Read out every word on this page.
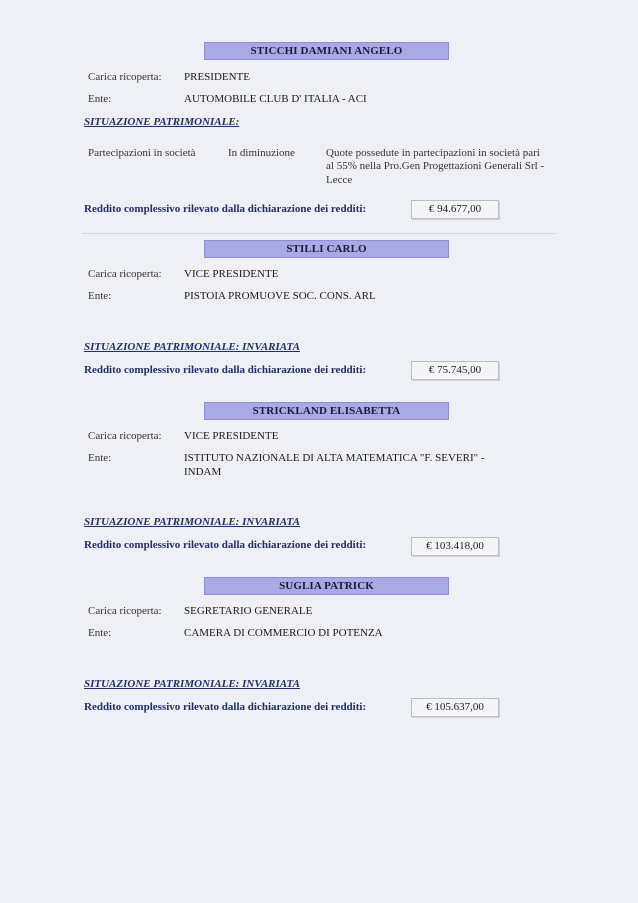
STICCHI DAMIANI ANGELO
Carica ricoperta: PRESIDENTE
Ente:	AUTOMOBILE CLUB D' ITALIA - ACI
SITUAZIONE PATRIMONIALE:
Partecipazioni in società	In diminuzione	Quote possedute in partecipazioni in società pari
al 55% nella Pro.Gen Progettazioni Generali Srl -
Lecce
Reddito complessivo rilevato dalla dichiarazione dei redditi:	€ 94.677,00
STILLI CARLO
Carica ricoperta: VICE PRESIDENTE
Ente:	PISTOIA PROMUOVE SOC. CONS. ARL
SITUAZIONE PATRIMONIALE: INVARIATA
Reddito complessivo rilevato dalla dichiarazione dei redditi:	€ 75.745,00
STRICKLAND ELISABETTA
Carica ricoperta: VICE PRESIDENTE
Ente:	ISTITUTO NAZIONALE DI ALTA MATEMATICA "F. SEVERI" -
INDAM
SITUAZIONE PATRIMONIALE: INVARIATA
Reddito complessivo rilevato dalla dichiarazione dei redditi:	€ 103.418,00
SUGLIA PATRICK
Carica ricoperta: SEGRETARIO GENERALE
Ente:	CAMERA DI COMMERCIO DI POTENZA
SITUAZIONE PATRIMONIALE: INVARIATA
Reddito complessivo rilevato dalla dichiarazione dei redditi:	€ 105.637,00
